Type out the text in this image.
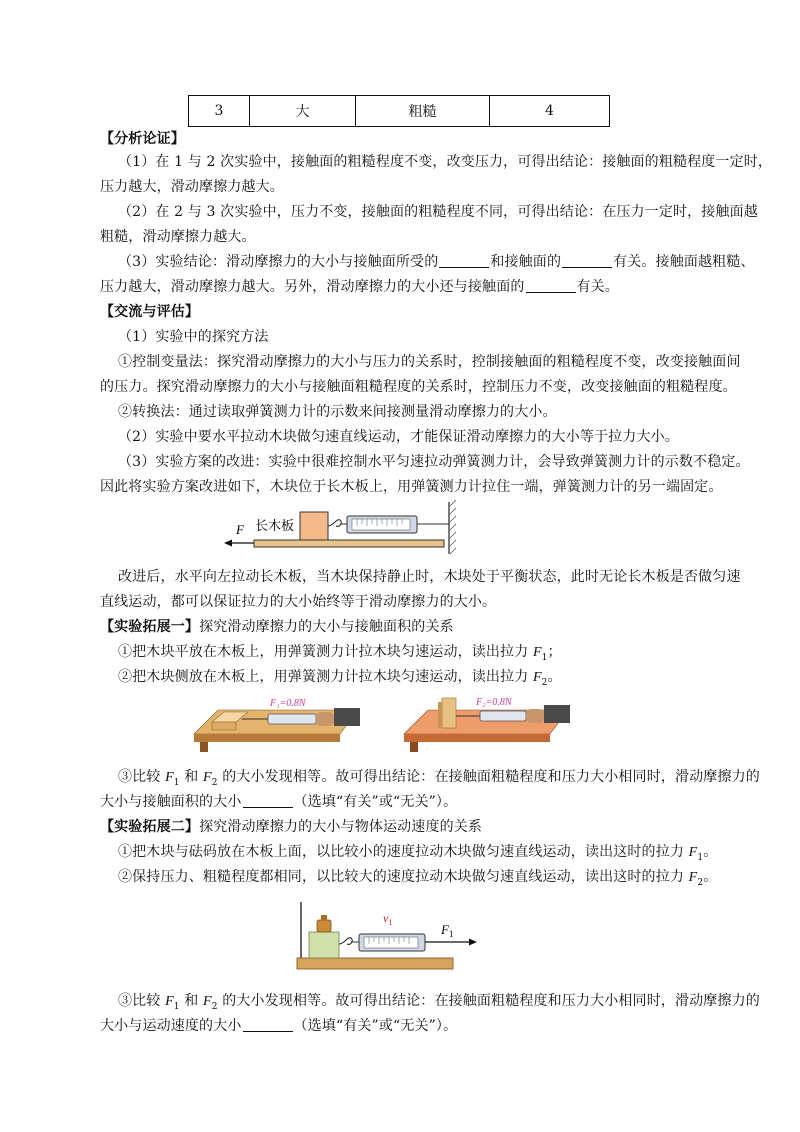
3	大	粗糙	4
【分析论证】
（1）在 1 与 2 次实验中，接触面的粗糙程度不变，改变压力，可得出结论：接触面的粗糙程度一定时，
压力越大，滑动摩擦力越大。
（2）在 2 与 3 次实验中，压力不变，接触面的粗糙程度不同，可得出结论：在压力一定时，接触面越
粗糙，滑动摩擦力越大。
（3）实验结论：滑动摩擦力的大小与接触面所受的	和接触面的	有关。接触面越粗糙、
压力越大，滑动摩擦力越大。另外，滑动摩擦力的大小还与接触面的	有关。
【交流与评估】
（1）实验中的探究方法
①控制变量法：探究滑动摩擦力的大小与压力的关系时，控制接触面的粗糙程度不变，改变接触面间
的压力。探究滑动摩擦力的大小与接触面粗糙程度的关系时，控制压力不变，改变接触面的粗糙程度。
②转换法：通过读取弹簧测力计的示数来间接测量滑动摩擦力的大小。
（2）实验中要水平拉动木块做匀速直线运动，才能保证滑动摩擦力的大小等于拉力大小。
（3）实验方案的改进：实验中很难控制水平匀速拉动弹簧测力计，会导致弹簧测力计的示数不稳定。
因此将实验方案改进如下，木块位于长木板上，用弹簧测力计拉住一端，弹簧测力计的另一端固定。
F 长木板
改进后，水平向左拉动长木板，当木块保持静止时，木块处于平衡状态，此时无论长木板是否做匀速
直线运动，都可以保证拉力的大小始终等于滑动摩擦力的大小。
【实验拓展一】探究滑动摩擦力的大小与接触面积的关系
①把木块平放在木板上，用弹簧测力计拉木块匀速运动，读出拉力 $F_1$；
②把木块侧放在木板上，用弹簧测力计拉木块匀速运动，读出拉力 $F_2$。
F₁=0.8N	F₂=0.8N
③比较 $F_1$ 和 $F_2$ 的大小发现相等。故可得出结论：在接触面粗糙程度和压力大小相同时，滑动摩擦力的
大小与接触面积的大小	（选填“有关”或“无关”）。
【实验拓展二】探究滑动摩擦力的大小与物体运动速度的关系
①把木块与砝码放在木板上面，以比较小的速度拉动木块做匀速直线运动，读出这时的拉力 $F_1$。
②保持压力、粗糙程度都相同，以比较大的速度拉动木块做匀速直线运动，读出这时的拉力 $F_2$。
$F_1$
$v_1$
③比较 $F_1$ 和 $F_2$ 的大小发现相等。故可得出结论：在接触面粗糙程度和压力大小相同时，滑动摩擦力的
大小与运动速度的大小	（选填“有关”或“无关”）。
